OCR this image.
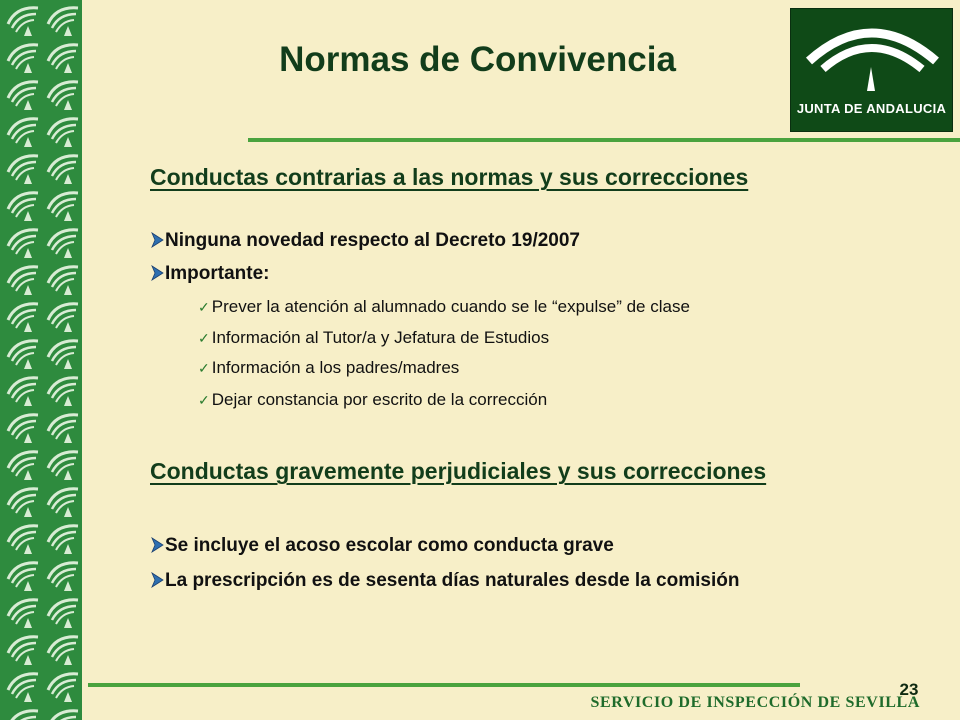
Normas de Convivencia
JUNTA DE ANDALUCIA
Conductas contrarias a las normas y sus correcciones
Ninguna novedad respecto al Decreto 19/2007
Importante:
✓ Prever la atención al alumnado cuando se le “expulse” de clase
✓ Información al Tutor/a y Jefatura de Estudios
✓ Información a los padres/madres
✓ Dejar constancia por escrito de la corrección
Conductas gravemente perjudiciales y sus correcciones
Se incluye el acoso escolar como conducta grave
La prescripción es de sesenta días naturales desde la comisión
23
SERVICIO DE INSPECCIÓN DE SEVILLA
